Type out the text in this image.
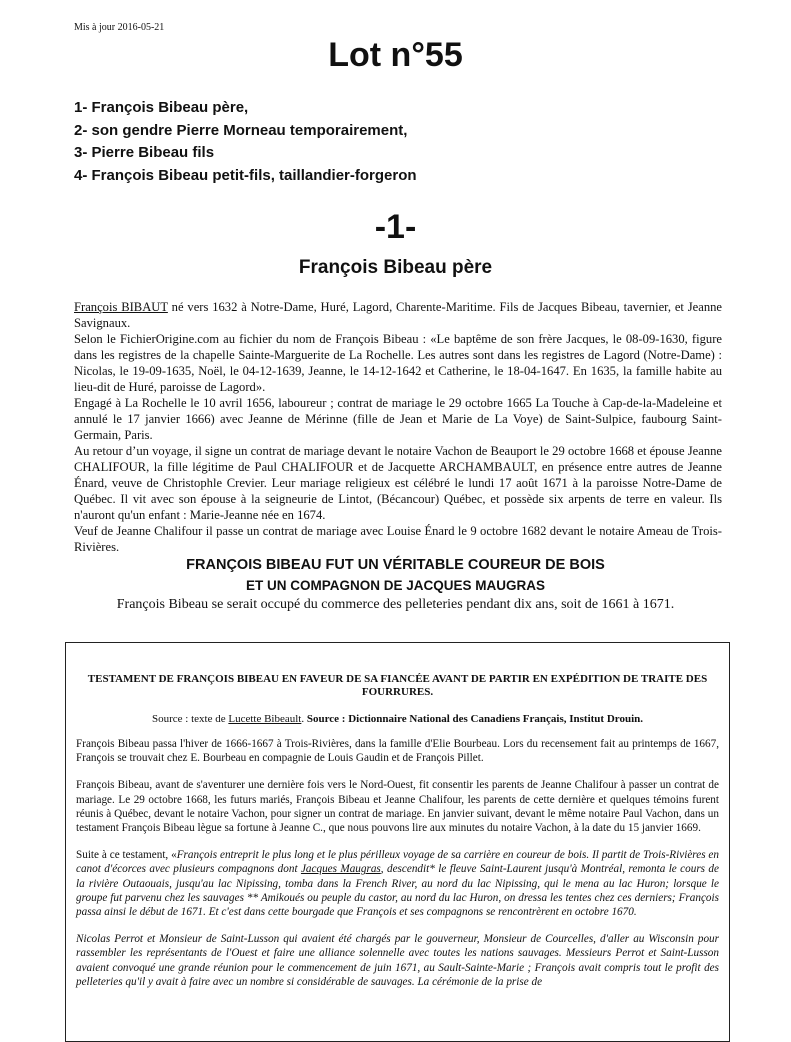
Mis à jour 2016-05-21
Lot n°55
1- François Bibeau père,
2- son gendre Pierre Morneau temporairement,
3- Pierre Bibeau fils
4- François Bibeau petit-fils, taillandier-forgeron
-1-
François Bibeau père

François BIBAUT né vers 1632 à Notre-Dame, Huré, Lagord, Charente-Maritime. Fils de Jacques Bibeau, tavernier, et Jeanne Savignaux.

Selon le FichierOrigine.com au fichier du nom de François Bibeau : «Le baptême de son frère Jacques, le 08-09-1630, figure dans les registres de la chapelle Sainte-Marguerite de La Rochelle. Les autres sont dans les registres de Lagord (Notre-Dame) : Nicolas, le 19-09-1635, Noël, le 04-12-1639, Jeanne, le 14-12-1642 et Catherine, le 18-04-1647. En 1635, la famille habite au lieu-dit de Huré, paroisse de Lagord».

Engagé à La Rochelle le 10 avril 1656, laboureur ; contrat de mariage le 29 octobre 1665 La Touche à Cap-de-la-Madeleine et annulé le 17 janvier 1666) avec Jeanne de Mérinne (fille de Jean et Marie de La Voye) de Saint-Sulpice, faubourg Saint-Germain, Paris.

Au retour d’un voyage, il signe un contrat de mariage devant le notaire Vachon de Beauport le 29 octobre 1668 et épouse Jeanne CHALIFOUR, la fille légitime de Paul CHALIFOUR et de Jacquette ARCHAMBAULT, en présence entre autres de Jeanne Énard, veuve de Christophle Crevier. Leur mariage religieux est célébré le lundi 17 août 1671 à la paroisse Notre-Dame de Québec. Il vit avec son épouse à la seigneurie de Lintot, (Bécancour) Québec, et possède six arpents de terre en valeur. Ils n'auront qu'un enfant : Marie-Jeanne née en 1674.

Veuf de Jeanne Chalifour il passe un contrat de mariage avec Louise Énard le 9 octobre 1682 devant le notaire Ameau de Trois-Rivières.

FRANÇOIS BIBEAU FUT UN VÉRITABLE COUREUR DE BOIS
ET UN COMPAGNON DE JACQUES MAUGRAS
François Bibeau se serait occupé du commerce des pelleteries pendant dix ans, soit de 1661 à 1671.

TESTAMENT DE FRANÇOIS BIBEAU EN FAVEUR DE SA FIANCÉE AVANT DE PARTIR EN EXPÉDITION DE TRAITE DES FOURRURES.

Source : texte de Lucette Bibeault. Source : Dictionnaire National des Canadiens Français, Institut Drouin.

François Bibeau passa l'hiver de 1666-1667 à Trois-Rivières, dans la famille d'Elie Bourbeau. Lors du recensement fait au printemps de 1667, François se trouvait chez E. Bourbeau en compagnie de Louis Gaudin et de François Pillet.

François Bibeau, avant de s'aventurer une dernière fois vers le Nord-Ouest, fit consentir les parents de Jeanne Chalifour à passer un contrat de mariage. Le 29 octobre 1668, les futurs mariés, François Bibeau et Jeanne Chalifour, les parents de cette dernière et quelques témoins furent réunis à Québec, devant le notaire Vachon, pour signer un contrat de mariage. En janvier suivant, devant le même notaire Paul Vachon, dans un testament François Bibeau lègue sa fortune à Jeanne C., que nous pouvons lire aux minutes du notaire Vachon, à la date du 15 janvier 1669.

Suite à ce testament, «François entreprit le plus long et le plus périlleux voyage de sa carrière en coureur de bois. Il partit de Trois-Rivières en canot d'écorces avec plusieurs compagnons dont Jacques Maugras, descendit* le fleuve Saint-Laurent jusqu'à Montréal, remonta le cours de la rivière Outaouais, jusqu'au lac Nipissing, tomba dans la French River, au nord du lac Nipissing, qui le mena au lac Huron; lorsque le groupe fut parvenu chez les sauvages ** Amikoués ou peuple du castor, au nord du lac Huron, on dressa les tentes chez ces derniers; François passa ainsi le début de 1671. Et c'est dans cette bourgade que François et ses compagnons se rencontrèrent en octobre 1670.

Nicolas Perrot et Monsieur de Saint-Lusson qui avaient été chargés par le gouverneur, Monsieur de Courcelles, d'aller au Wisconsin pour rassembler les représentants de l'Ouest et faire une alliance solennelle avec toutes les nations sauvages. Messieurs Perrot et Saint-Lusson avaient convoqué une grande réunion pour le commencement de juin 1671, au Sault-Sainte-Marie ; François avait compris tout le profit des pelleteries qu'il y avait à faire avec un nombre si considérable de sauvages. La cérémonie de la prise de
